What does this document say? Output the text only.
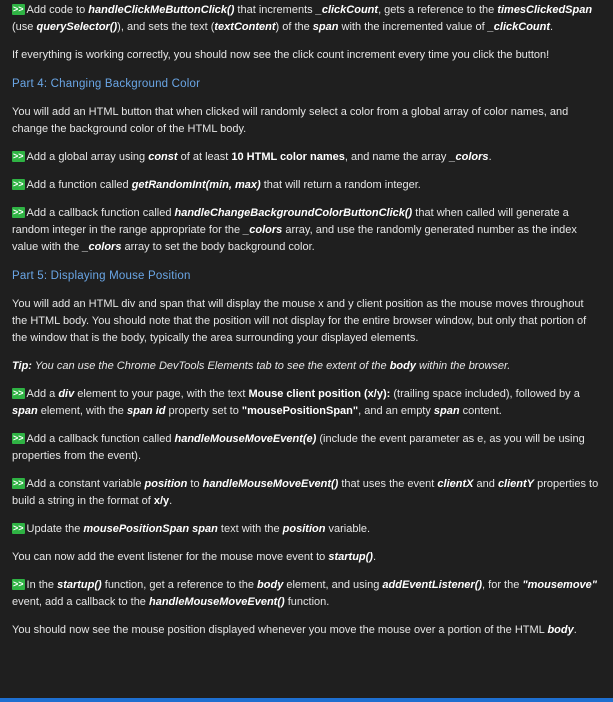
>> Add code to handleClickMeButtonClick() that increments _clickCount, gets a reference to the timesClickedSpan (use querySelector()), and sets the text (textContent) of the span with the incremented value of _clickCount.

If everything is working correctly, you should now see the click count increment every time you click the button!

Part 4: Changing Background Color

You will add an HTML button that when clicked will randomly select a color from a global array of color names, and change the background color of the HTML body.

>> Add a global array using const of at least 10 HTML color names, and name the array _colors.

>> Add a function called getRandomInt(min, max) that will return a random integer.

>> Add a callback function called handleChangeBackgroundColorButtonClick() that when called will generate a random integer in the range appropriate for the _colors array, and use the randomly generated number as the index value with the _colors array to set the body background color.

Part 5: Displaying Mouse Position

You will add an HTML div and span that will display the mouse x and y client position as the mouse moves throughout the HTML body. You should note that the position will not display for the entire browser window, but only that portion of the window that is the body, typically the area surrounding your displayed elements.

Tip: You can use the Chrome DevTools Elements tab to see the extent of the body within the browser.

>> Add a div element to your page, with the text Mouse client position (x/y): (trailing space included), followed by a span element, with the span id property set to "mousePositionSpan", and an empty span content.

>> Add a callback function called handleMouseMoveEvent(e) (include the event parameter as e, as you will be using properties from the event).

>> Add a constant variable position to handleMouseMoveEvent() that uses the event clientX and clientY properties to build a string in the format of x/y.

>> Update the mousePositionSpan span text with the position variable.

You can now add the event listener for the mouse move event to startup().

>> In the startup() function, get a reference to the body element, and using addEventListener(), for the "mousemove" event, add a callback to the handleMouseMoveEvent() function.

You should now see the mouse position displayed whenever you move the mouse over a portion of the HTML body.
